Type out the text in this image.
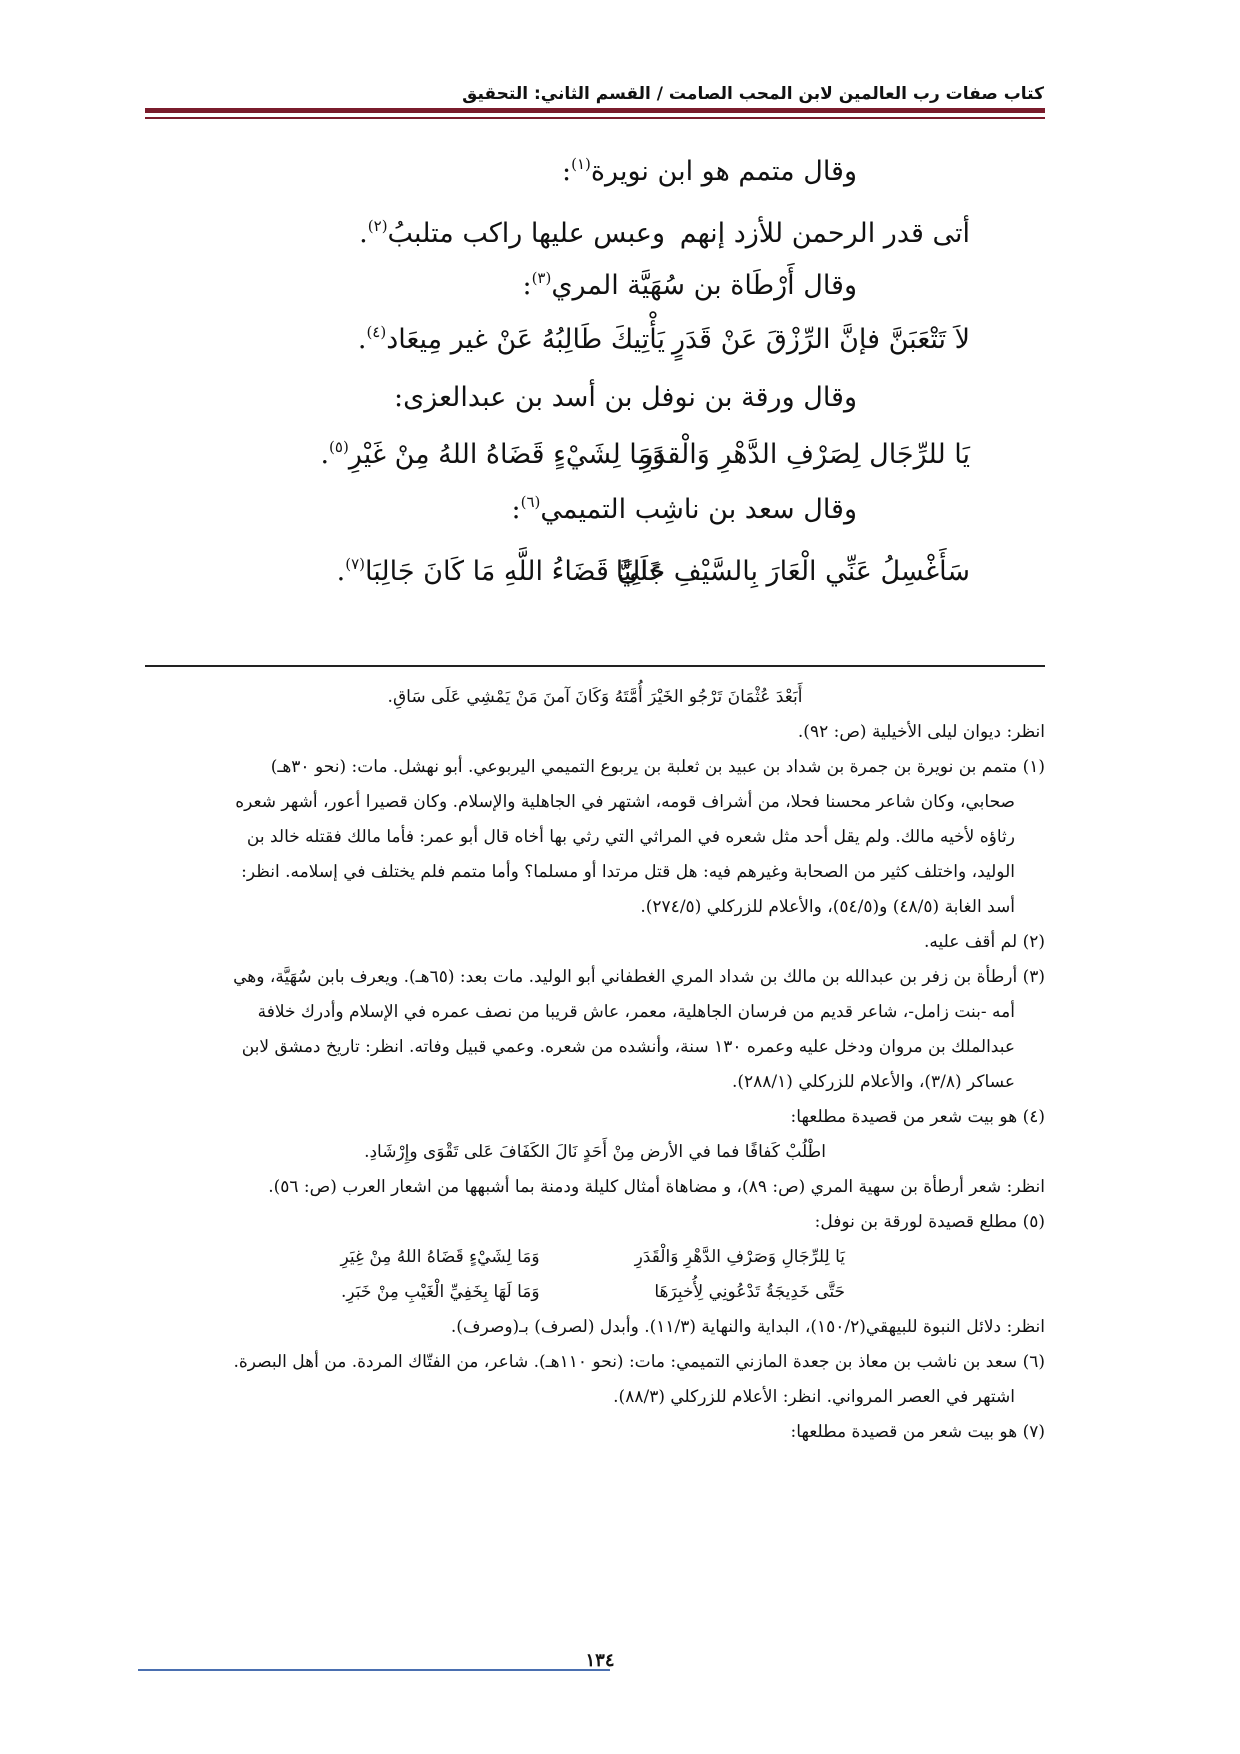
كتاب صفات رب العالمين لابن المحب الصامت / القسم الثاني: التحقيق
وقال متمم هو ابن نويرة$^{(١)}$:
أتى قدر الرحمن للأزد إنهم
وعبس عليها راكب متلببُ$^{(٢)}$.
وقال أَرْطَاة بن سُهَيَّة المري$^{(٣)}$:
لاَ تَتْعَبَنَّ فإنَّ الرِّزْقَ عَنْ قَدَرٍ
يَأْتِيكَ طَالِبُهُ عَنْ غير مِيعَاد$^{(٤)}$.
وقال ورقة بن نوفل بن أسد بن عبدالعزى:
يَا للرِّجَال لِصَرْفِ الدَّهْرِ وَالْقدَرِ
وَمَا لِشَيْءٍ قَضَاهُ اللهُ مِنْ غَيْرِ$^{(٥)}$.
وقال سعد بن ناشِب التميمي$^{(٦)}$:
سَأَغْسِلُ عَنِّي الْعَارَ بِالسَّيْفِ جَالِبًا
عَلَيَّ قَضَاءُ اللَّهِ مَا كَانَ جَالِبَا$^{(٧)}$.
أَبَعْدَ عُثْمَانَ تَرْجُو الخَيْرَ أُمَّتَهُ وَكَانَ آمنَ مَنْ يَمْشِي عَلَى سَاقِ.
انظر: ديوان ليلى الأخيلية (ص: ٩٢).
(١) متمم بن نويرة بن جمرة بن شداد بن عبيد بن ثعلبة بن يربوع التميمي اليربوعي. أبو نهشل. مات: (نحو ٣٠هـ)
صحابي، وكان شاعر محسنا فحلا، من أشراف قومه، اشتهر في الجاهلية والإسلام. وكان قصيرا أعور، أشهر شعره
رثاؤه لأخيه مالك. ولم يقل أحد مثل شعره في المراثي التي رثي بها أخاه قال أبو عمر: فأما مالك فقتله خالد بن
الوليد، واختلف كثير من الصحابة وغيرهم فيه: هل قتل مرتدا أو مسلما؟ وأما متمم فلم يختلف في إسلامه. انظر:
أسد الغابة (٤٨/٥) و(٥٤/٥)، والأعلام للزركلي (٢٧٤/٥).
(٢) لم أقف عليه.
(٣) أرطأة بن زفر بن عبدالله بن مالك بن شداد المري الغطفاني أبو الوليد. مات بعد: (٦٥هـ). ويعرف بابن سُهَيَّة، وهي
أمه -بنت زامل-، شاعر قديم من فرسان الجاهلية، معمر، عاش قريبا من نصف عمره في الإسلام وأدرك خلافة
عبدالملك بن مروان ودخل عليه وعمره ١٣٠ سنة، وأنشده من شعره. وعمي قبيل وفاته. انظر: تاريخ دمشق لابن
عساكر (٣/٨)، والأعلام للزركلي (٢٨٨/١).
(٤) هو بيت شعر من قصيدة مطلعها:
اطْلُبْ كَفافًا فما في الأرض مِنْ أَحَدٍ نَالَ الكَفَافَ عَلى تَقْوَى وإِرْشَادِ.
انظر: شعر أرطأة بن سهية المري (ص: ٨٩)، و مضاهاة أمثال كليلة ودمنة بما أشبهها من اشعار العرب (ص: ٥٦).
(٥) مطلع قصيدة لورقة بن نوفل:
يَا لِلرِّجَالِ وَصَرْفِ الدَّهْرِ وَالْقَدَرِ وَمَا لِشَيْءٍ قَضَاهُ اللهُ مِنْ غِيَرِ
حَتَّى خَدِيجَةُ تَدْعُونِي لِأُخبِرَهَا وَمَا لَهَا بِخَفِيِّ الْغَيْبِ مِنْ خَبَرِ.
انظر: دلائل النبوة للبيهقي(١٥٠/٢)، البداية والنهاية (١١/٣). وأبدل (لصرف) بـ(وصرف).
(٦) سعد بن ناشب بن معاذ بن جعدة المازني التميمي: مات: (نحو ١١٠هـ). شاعر، من الفتّاك المردة. من أهل البصرة.
اشتهر في العصر المرواني. انظر: الأعلام للزركلي (٨٨/٣).
(٧) هو بيت شعر من قصيدة مطلعها:
١٣٤
